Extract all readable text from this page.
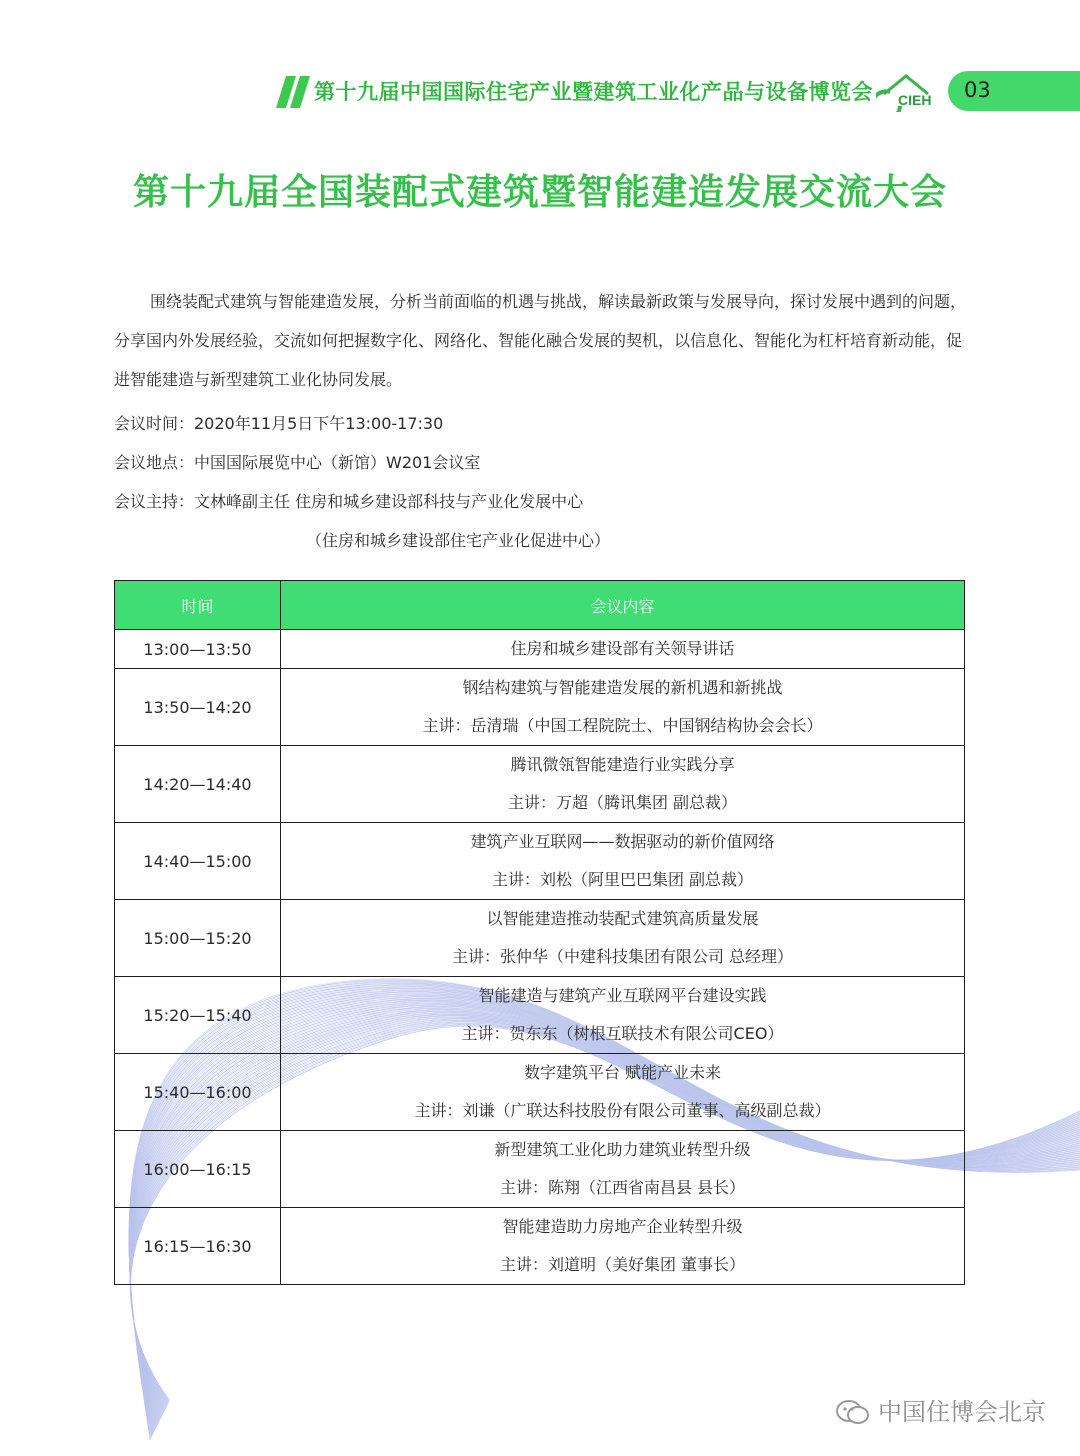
第十九届中国国际住宅产业暨建筑工业化产品与设备博览会 CIEH 03
第十九届全国装配式建筑暨智能建造发展交流大会

围绕装配式建筑与智能建造发展，分析当前面临的机遇与挑战，解读最新政策与发展导向，探讨发展中遇到的问题，分享国内外发展经验，交流如何把握数字化、网络化、智能化融合发展的契机，以信息化、智能化为杠杆培育新动能，促进智能建造与新型建筑工业化协同发展。

会议时间：2020年11月5日下午13:00-17:30
会议地点：中国国际展览中心（新馆）W201会议室
会议主持：文林峰副主任 住房和城乡建设部科技与产业化发展中心
（住房和城乡建设部住宅产业化促进中心）
时间	会议内容
13:00—13:50	住房和城乡建设部有关领导讲话

13:50—14:20	钢结构建筑与智能建造发展的新机遇和新挑战
主讲：岳清瑞（中国工程院院士、中国钢结构协会会长）

14:20—14:40	腾讯微瓴智能建造行业实践分享
主讲：万超（腾讯集团 副总裁）

14:40—15:00	建筑产业互联网——数据驱动的新价值网络
主讲：刘松（阿里巴巴集团 副总裁）

15:00—15:20	以智能建造推动装配式建筑高质量发展
主讲：张仲华（中建科技集团有限公司 总经理）

15:20—15:40	智能建造与建筑产业互联网平台建设实践
主讲：贺东东（树根互联技术有限公司CEO）

15:40—16:00	数字建筑平台 赋能产业未来
主讲：刘谦（广联达科技股份有限公司董事、高级副总裁）

16:00—16:15	新型建筑工业化助力建筑业转型升级
主讲：陈翔（江西省南昌县 县长）

16:15—16:30	智能建造助力房地产企业转型升级
主讲：刘道明（美好集团 董事长）
中国住博会北京
